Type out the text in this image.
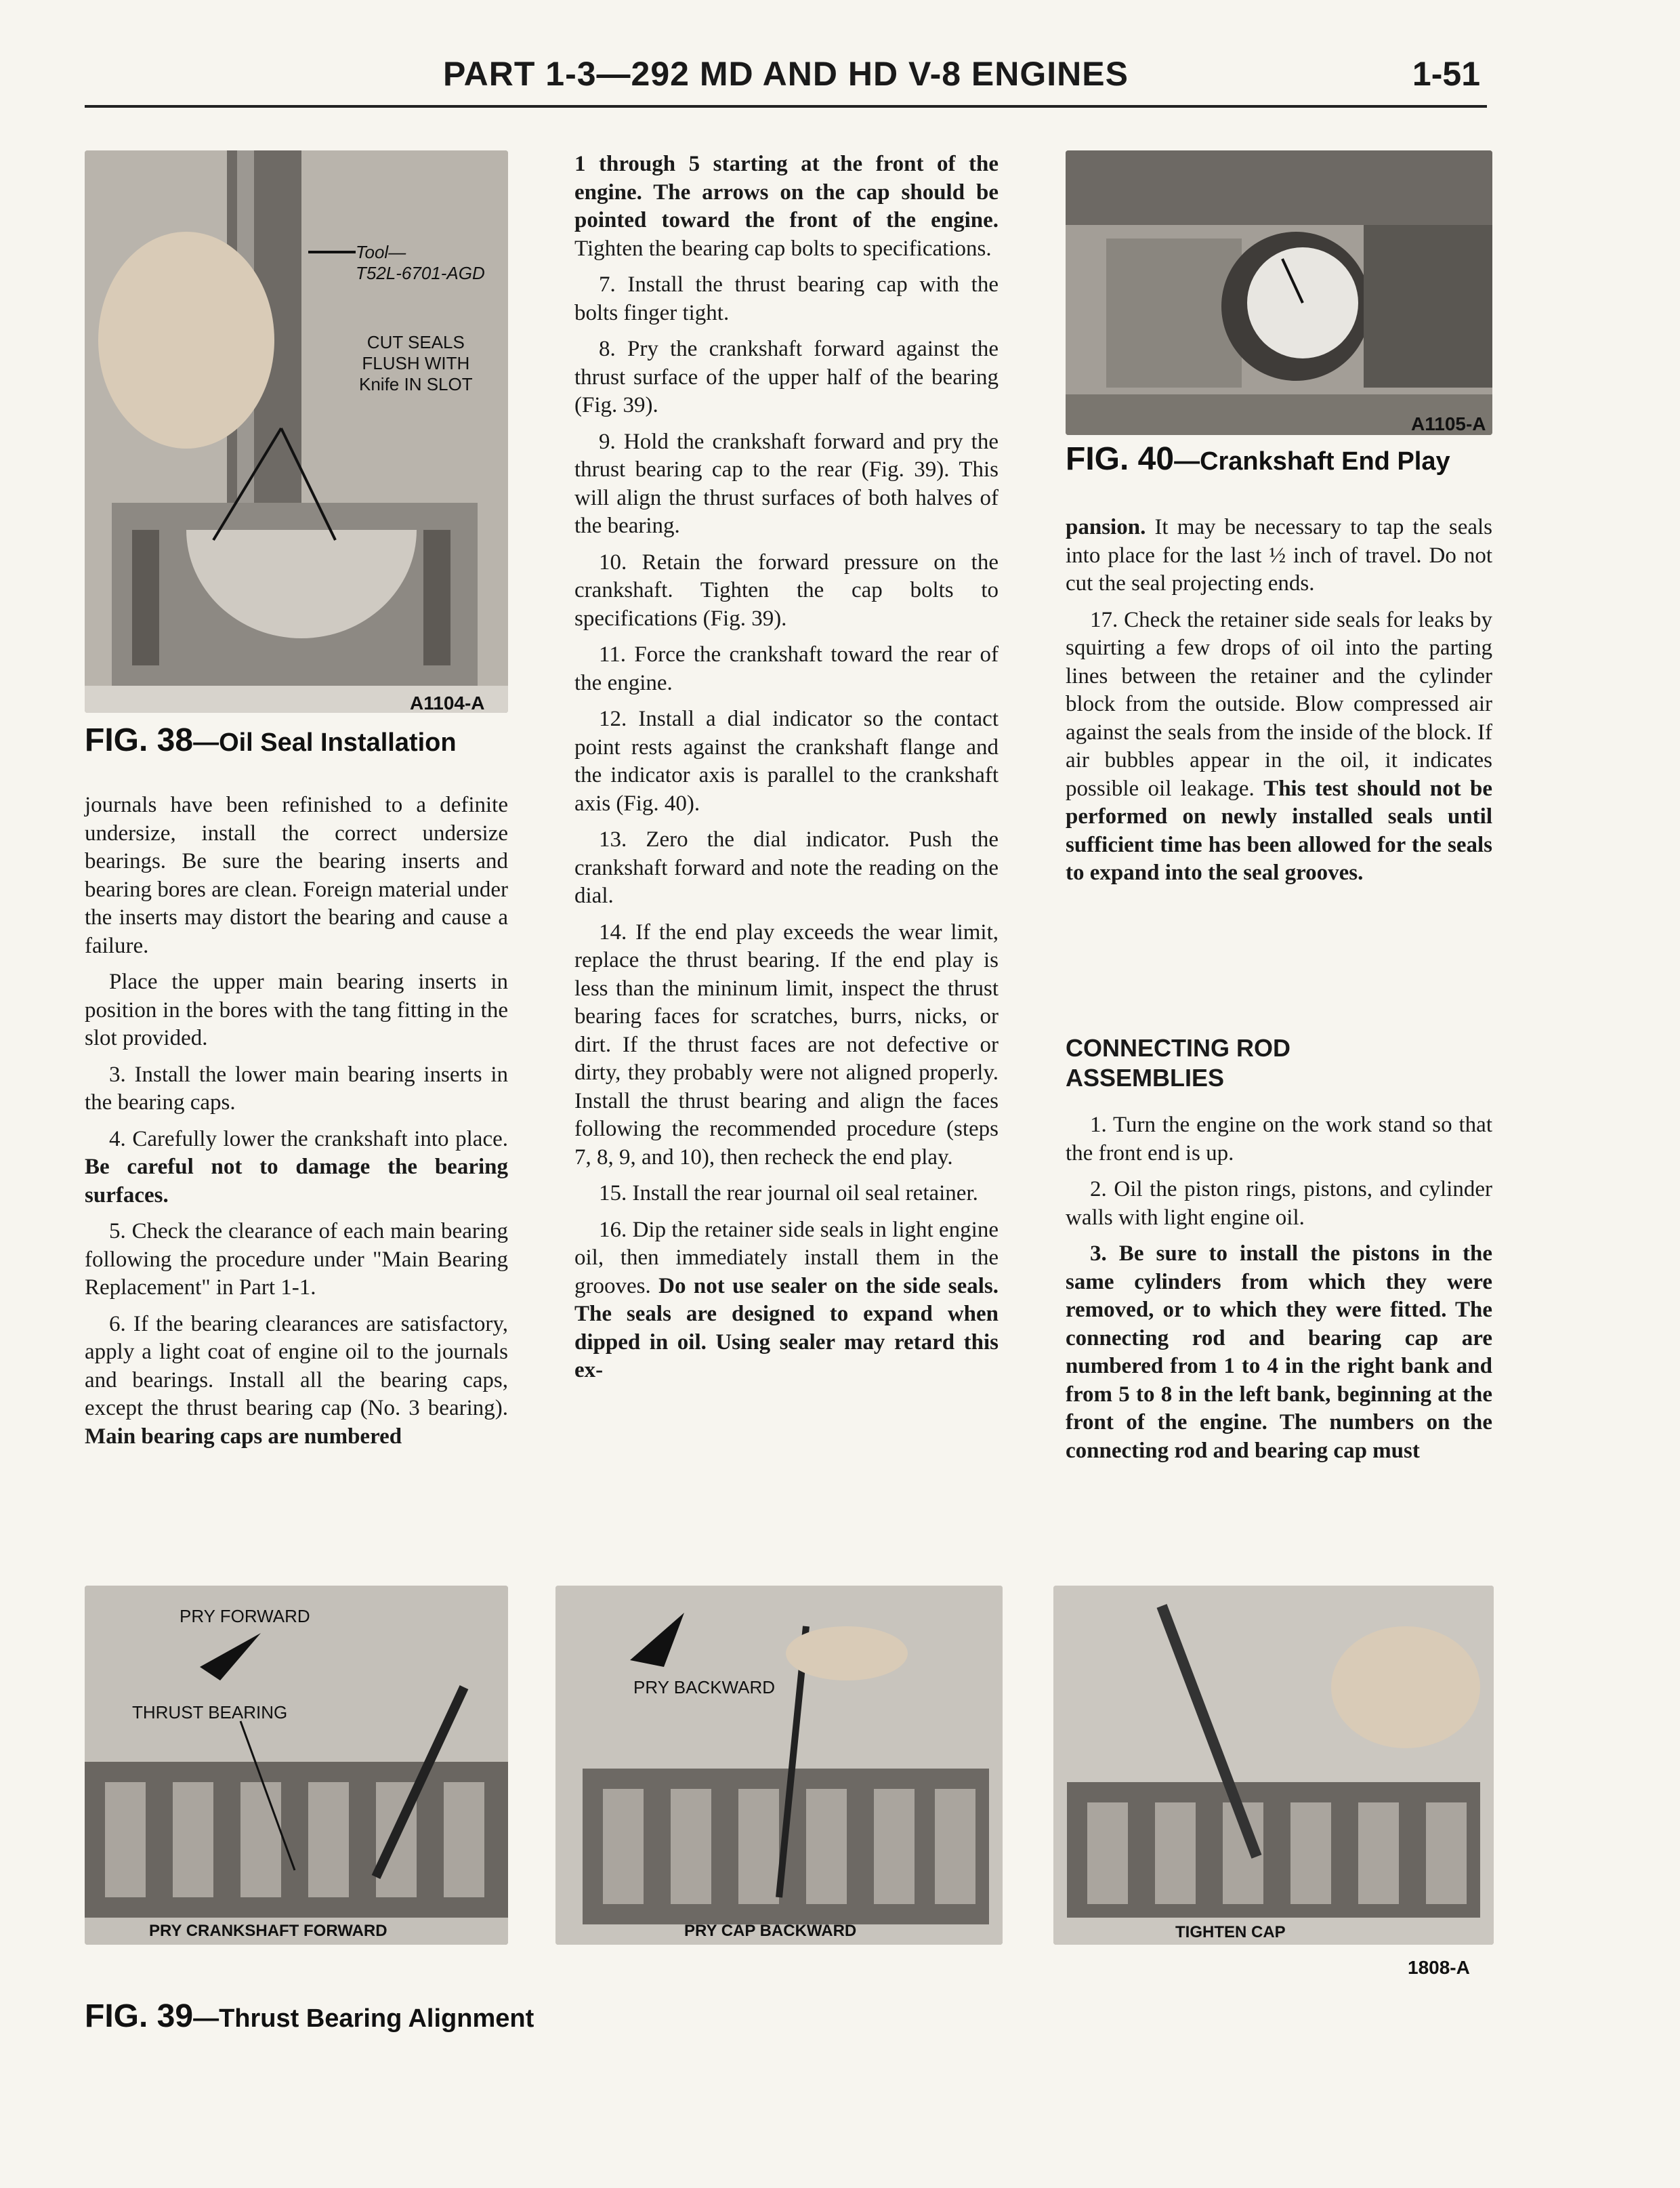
PART 1-3—292 MD AND HD V-8 ENGINES	1-51
Tool—
T52L-6701-AGD
CUT SEALS
FLUSH WITH
Knife IN SLOT
A1104-A
FIG. 38—Oil Seal Installation
A1105-A
FIG. 40—Crankshaft End Play

journals have been refinished to a definite undersize, install the correct undersize bearings. Be sure the bearing inserts and bearing bores are clean. Foreign material under the inserts may distort the bearing and cause a failure.

Place the upper main bearing inserts in position in the bores with the tang fitting in the slot provided.

3. Install the lower main bearing inserts in the bearing caps.

4. Carefully lower the crankshaft into place. Be careful not to damage the bearing surfaces.

5. Check the clearance of each main bearing following the procedure under "Main Bearing Replacement" in Part 1-1.

6. If the bearing clearances are satisfactory, apply a light coat of engine oil to the journals and bearings. Install all the bearing caps, except the thrust bearing cap (No. 3 bearing). Main bearing caps are numbered

1 through 5 starting at the front of the engine. The arrows on the cap should be pointed toward the front of the engine. Tighten the bearing cap bolts to specifications.

7. Install the thrust bearing cap with the bolts finger tight.

8. Pry the crankshaft forward against the thrust surface of the upper half of the bearing (Fig. 39).

9. Hold the crankshaft forward and pry the thrust bearing cap to the rear (Fig. 39). This will align the thrust surfaces of both halves of the bearing.

10. Retain the forward pressure on the crankshaft. Tighten the cap bolts to specifications (Fig. 39).

11. Force the crankshaft toward the rear of the engine.

12. Install a dial indicator so the contact point rests against the crankshaft flange and the indicator axis is parallel to the crankshaft axis (Fig. 40).

13. Zero the dial indicator. Push the crankshaft forward and note the reading on the dial.

14. If the end play exceeds the wear limit, replace the thrust bearing. If the end play is less than the mininum limit, inspect the thrust bearing faces for scratches, burrs, nicks, or dirt. If the thrust faces are not defective or dirty, they probably were not aligned properly. Install the thrust bearing and align the faces following the recommended procedure (steps 7, 8, 9, and 10), then recheck the end play.

15. Install the rear journal oil seal retainer.

16. Dip the retainer side seals in light engine oil, then immediately install them in the grooves. Do not use sealer on the side seals. The seals are designed to expand when dipped in oil. Using sealer may retard this ex-

pansion. It may be necessary to tap the seals into place for the last ½ inch of travel. Do not cut the seal projecting ends.

17. Check the retainer side seals for leaks by squirting a few drops of oil into the parting lines between the retainer and the cylinder block from the outside. Blow compressed air against the seals from the inside of the block. If air bubbles appear in the oil, it indicates possible oil leakage. This test should not be performed on newly installed seals until sufficient time has been allowed for the seals to expand into the seal grooves.

CONNECTING ROD ASSEMBLIES

1. Turn the engine on the work stand so that the front end is up.

2. Oil the piston rings, pistons, and cylinder walls with light engine oil.

3. Be sure to install the pistons in the same cylinders from which they were removed, or to which they were fitted. The connecting rod and bearing cap are numbered from 1 to 4 in the right bank and from 5 to 8 in the left bank, beginning at the front of the engine. The numbers on the connecting rod and bearing cap must

PRY FORWARD
THRUST BEARING
PRY CRANKSHAFT FORWARD
PRY BACKWARD
PRY CAP BACKWARD	TIGHTEN CAP
1808-A
FIG. 39—Thrust Bearing Alignment
